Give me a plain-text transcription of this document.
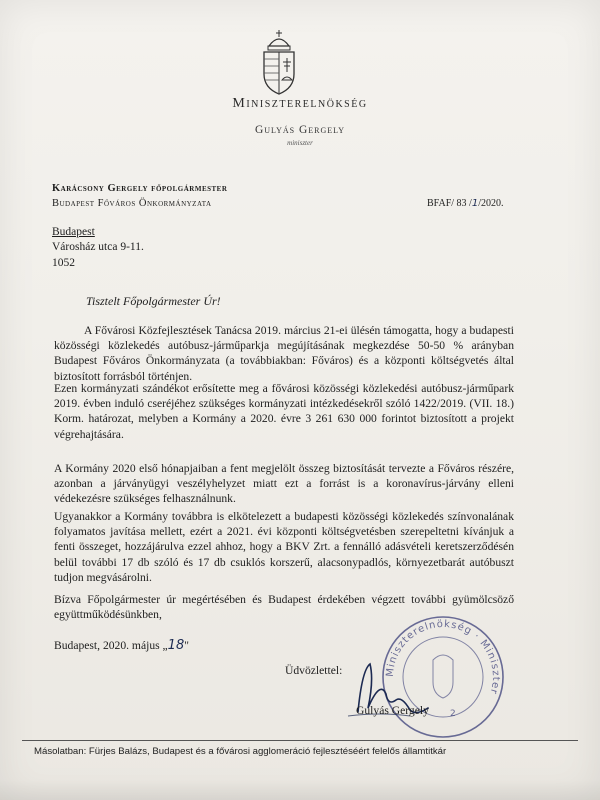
Miniszterelnökség
Gulyás Gergely
miniszter
Karácsony Gergely főpolgármester
Budapest Főváros Önkormányzata	BFAF/ 83 /1/2020.
Budapest
Városház utca 9-11.
1052
Tisztelt Főpolgármester Úr!

A Fővárosi Közfejlesztések Tanácsa 2019. március 21-ei ülésén támogatta, hogy a budapesti közösségi közlekedés autóbusz-járműparkja megújításának megkezdése 50-50 % arányban Budapest Főváros Önkormányzata (a továbbiakban: Főváros) és a központi költségvetés által biztosított forrásból történjen.

Ezen kormányzati szándékot erősítette meg a fővárosi közösségi közlekedési autóbusz-járműpark 2019. évben induló cseréjéhez szükséges kormányzati intézkedésekről szóló 1422/2019. (VII. 18.) Korm. határozat, melyben a Kormány a 2020. évre 3 261 630 000 forintot biztosított a projekt végrehajtására.

A Kormány 2020 első hónapjaiban a fent megjelölt összeg biztosítását tervezte a Főváros részére, azonban a járványügyi veszélyhelyzet miatt ezt a forrást is a koronavírus-járvány elleni védekezésre szükséges felhasználnunk.

Ugyanakkor a Kormány továbbra is elkötelezett a budapesti közösségi közlekedés színvonalának folyamatos javítása mellett, ezért a 2021. évi központi költségvetésben szerepeltetni kívánjuk a fenti összeget, hozzájárulva ezzel ahhoz, hogy a BKV Zrt. a fennálló adásvételi keretszerződésén belül további 17 db szóló és 17 db csuklós korszerű, alacsonypadlós, környezetbarát autóbuszt tudjon megvásárolni.

Bízva Főpolgármester úr megértésében és Budapest érdekében végzett további gyümölcsöző együttműködésünkben,

Budapest, 2020. május „18"
Miniszterelnökség · Miniszter
2
Üdvözlettel:
Gulyás Gergely
Másolatban: Fürjes Balázs, Budapest és a fővárosi agglomeráció fejlesztéséért felelős államtitkár
